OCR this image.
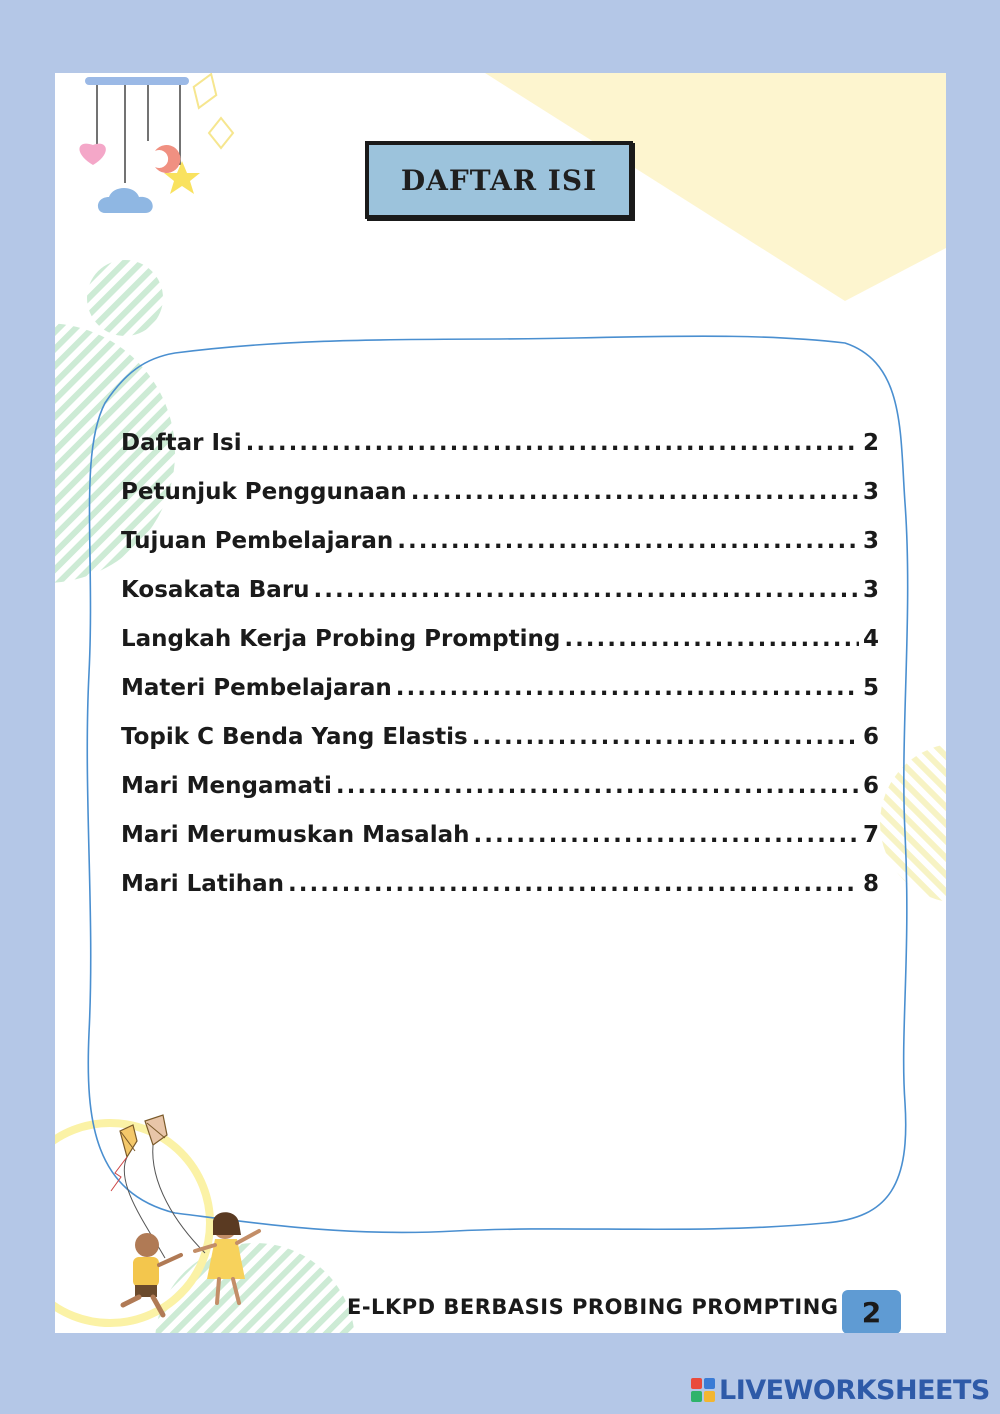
DAFTAR ISI
Daftar Isi .....	2
Petunjuk Penggunaan .....	3
Tujuan Pembelajaran .....	3
Kosakata Baru .....	3
Langkah Kerja Probing Prompting .....	4
Materi Pembelajaran .....	5
Topik C Benda Yang Elastis .....	6
Mari Mengamati .....	6
Mari Merumuskan Masalah .....	7
Mari Latihan .....	8
E-LKPD BERBASIS PROBING PROMPTING 2
LIVEWORKSHEETS
